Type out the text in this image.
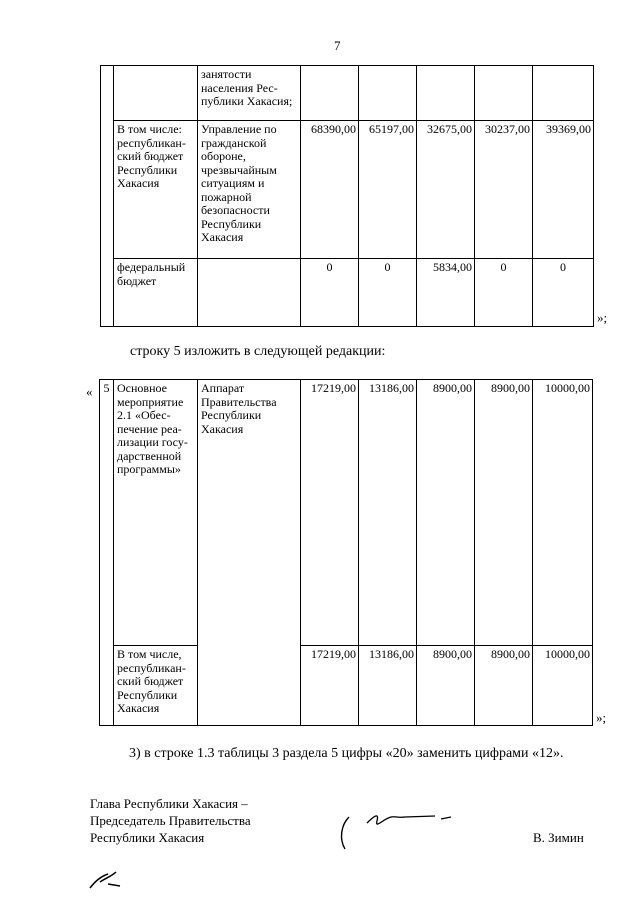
7
		занятости населения Рес-публики Хакасия;					
	В том числе: республикан-ский бюджет Республики Хакасия	Управление по гражданской обороне, чрезвычайным ситуациям и пожарной безопасности Республики Хакасия	68390,00	65197,00	32675,00	30237,00	39369,00
	федеральный бюджет		0	0	5834,00	0	0
»;
строку 5 изложить в следующей редакции:
« 5	Основное мероприятие 2.1 «Обес-печение реа-лизации госу-дарственной программы»	Аппарат Правительства Республики Хакасия	17219,00	13186,00	8900,00	8900,00	10000,00
	В том числе, республикан-ский бюджет Республики Хакасия		17219,00	13186,00	8900,00	8900,00	10000,00
»;
3) в строке 1.3 таблицы 3 раздела 5 цифры «20» заменить цифрами «12».
Глава Республики Хакасия –
Председатель Правительства
Республики Хакасия	В. Зимин
